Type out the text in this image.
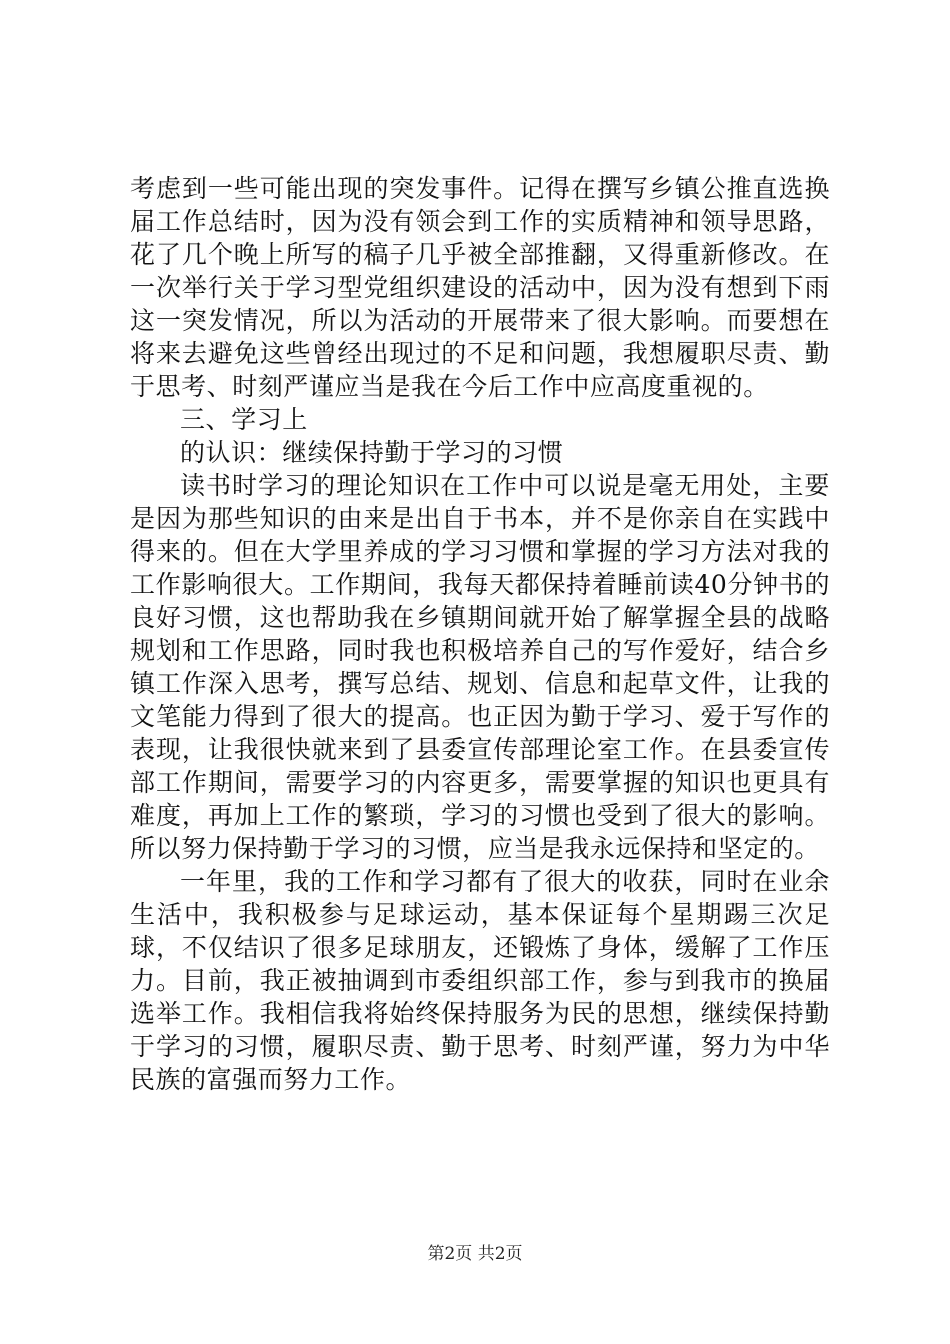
考虑到一些可能出现的突发事件。记得在撰写乡镇公推直选换届工作总结时，因为没有领会到工作的实质精神和领导思路，花了几个晚上所写的稿子几乎被全部推翻，又得重新修改。在一次举行关于学习型党组织建设的活动中，因为没有想到下雨这一突发情况，所以为活动的开展带来了很大影响。而要想在将来去避免这些曾经出现过的不足和问题，我想履职尽责、勤于思考、时刻严谨应当是我在今后工作中应高度重视的。

三、学习上

的认识：继续保持勤于学习的习惯

读书时学习的理论知识在工作中可以说是毫无用处，主要是因为那些知识的由来是出自于书本，并不是你亲自在实践中得来的。但在大学里养成的学习习惯和掌握的学习方法对我的工作影响很大。工作期间，我每天都保持着睡前读40分钟书的良好习惯，这也帮助我在乡镇期间就开始了解掌握全县的战略规划和工作思路，同时我也积极培养自己的写作爱好，结合乡镇工作深入思考，撰写总结、规划、信息和起草文件，让我的文笔能力得到了很大的提高。也正因为勤于学习、爱于写作的表现，让我很快就来到了县委宣传部理论室工作。在县委宣传部工作期间，需要学习的内容更多，需要掌握的知识也更具有难度，再加上工作的繁琐，学习的习惯也受到了很大的影响。所以努力保持勤于学习的习惯，应当是我永远保持和坚定的。

一年里，我的工作和学习都有了很大的收获，同时在业余生活中，我积极参与足球运动，基本保证每个星期踢三次足球，不仅结识了很多足球朋友，还锻炼了身体，缓解了工作压力。目前，我正被抽调到市委组织部工作，参与到我市的换届选举工作。我相信我将始终保持服务为民的思想，继续保持勤于学习的习惯，履职尽责、勤于思考、时刻严谨，努力为中华民族的富强而努力工作。

第2页 共2页
